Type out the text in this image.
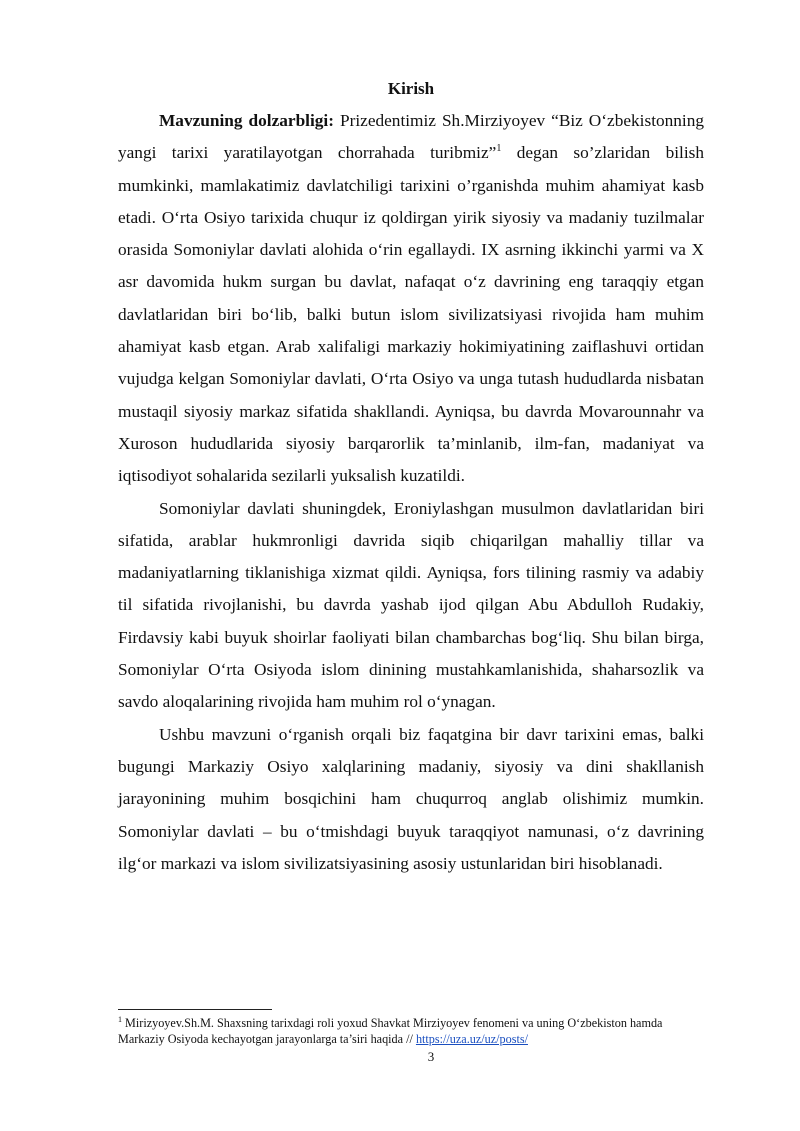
Kirish

Mavzuning dolzarbligi: Prizedentimiz Sh.Mirziyoyev “Biz O‘zbekistonning yangi tarixi yaratilayotgan chorrahada turibmiz”$^1$ degan so’zlaridan bilish mumkinki, mamlakatimiz davlatchiligi tarixini o’rganishda muhim ahamiyat kasb etadi. O‘rta Osiyo tarixida chuqur iz qoldirgan yirik siyosiy va madaniy tuzilmalar orasida Somoniylar davlati alohida o‘rin egallaydi. IX asrning ikkinchi yarmi va X asr davomida hukm surgan bu davlat, nafaqat o‘z davrining eng taraqqiy etgan davlatlaridan biri bo‘lib, balki butun islom sivilizatsiyasi rivojida ham muhim ahamiyat kasb etgan. Arab xalifaligi markaziy hokimiyatining zaiflashuvi ortidan vujudga kelgan Somoniylar davlati, O‘rta Osiyo va unga tutash hududlarda nisbatan mustaqil siyosiy markaz sifatida shakllandi. Ayniqsa, bu davrda Movarounnahr va Xuroson hududlarida siyosiy barqarorlik ta’minlanib, ilm-fan, madaniyat va iqtisodiyot sohalarida sezilarli yuksalish kuzatildi.

Somoniylar davlati shuningdek, Eroniylashgan musulmon davlatlaridan biri sifatida, arablar hukmronligi davrida siqib chiqarilgan mahalliy tillar va madaniyatlarning tiklanishiga xizmat qildi. Ayniqsa, fors tilining rasmiy va adabiy til sifatida rivojlanishi, bu davrda yashab ijod qilgan Abu Abdulloh Rudakiy, Firdavsiy kabi buyuk shoirlar faoliyati bilan chambarchas bog‘liq. Shu bilan birga, Somoniylar O‘rta Osiyoda islom dinining mustahkamlanishida, shaharsozlik va savdo aloqalarining rivojida ham muhim rol o‘ynagan.

Ushbu mavzuni o‘rganish orqali biz faqatgina bir davr tarixini emas, balki bugungi Markaziy Osiyo xalqlarining madaniy, siyosiy va dini shakllanish jarayonining muhim bosqichini ham chuqurroq anglab olishimiz mumkin. Somoniylar davlati – bu o‘tmishdagi buyuk taraqqiyot namunasi, o‘z davrining ilg‘or markazi va islom sivilizatsiyasining asosiy ustunlaridan biri hisoblanadi.

$^1$ Mirizyoyev.Sh.M. Shaxsning tarixdagi roli yoxud Shavkat Mirziyoyev fenomeni va uning O‘zbekiston hamda Markaziy Osiyoda kechayotgan jarayonlarga ta’siri haqida // https://uza.uz/uz/posts/
3
